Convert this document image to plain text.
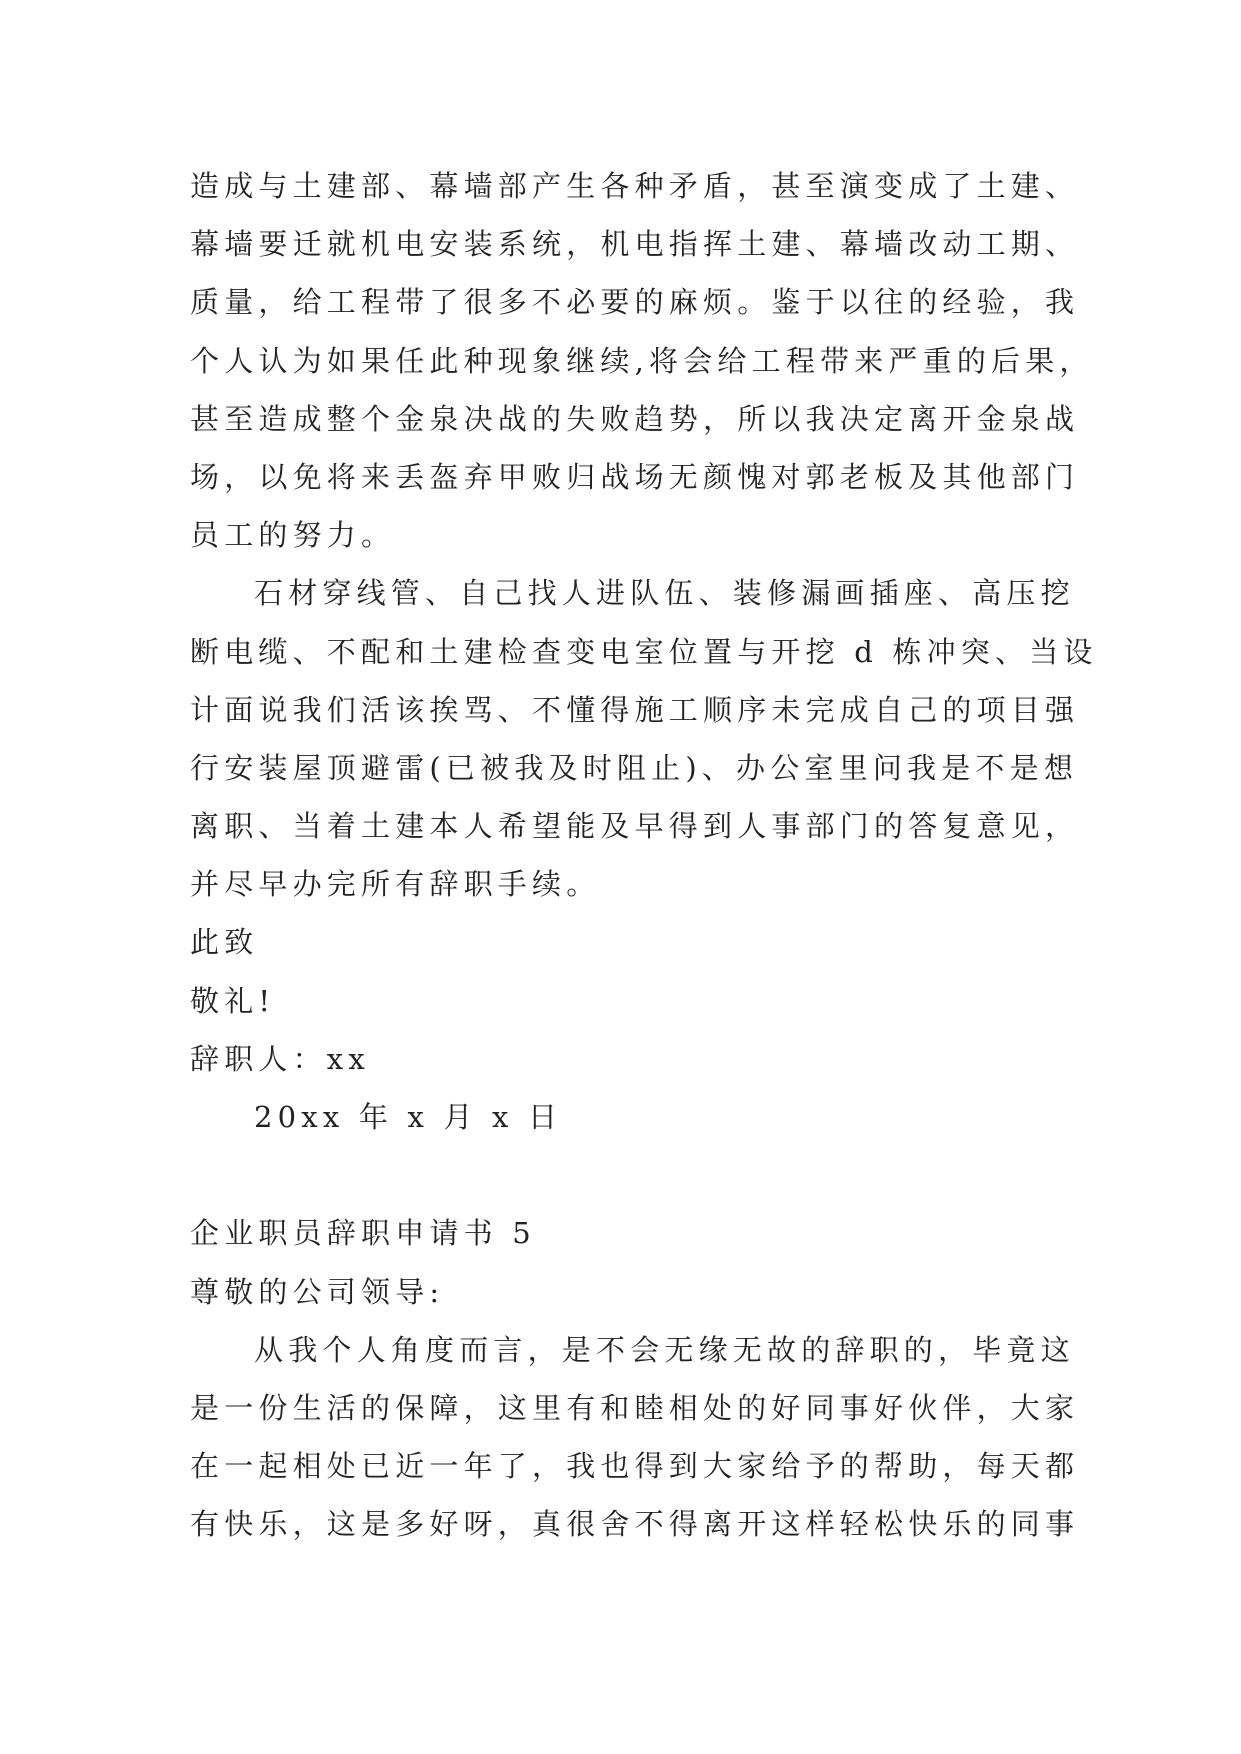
造成与土建部、幕墙部产生各种矛盾，甚至演变成了土建、
幕墙要迁就机电安装系统，机电指挥土建、幕墙改动工期、
质量，给工程带了很多不必要的麻烦。鉴于以往的经验，我
个人认为如果任此种现象继续,将会给工程带来严重的后果，
甚至造成整个金泉决战的失败趋势，所以我决定离开金泉战
场，以免将来丢盔弃甲败归战场无颜愧对郭老板及其他部门
员工的努力。
石材穿线管、自己找人进队伍、装修漏画插座、高压挖
断电缆、不配和土建检查变电室位置与开挖 d 栋冲突、当设
计面说我们活该挨骂、不懂得施工顺序未完成自己的项目强
行安装屋顶避雷(已被我及时阻止)、办公室里问我是不是想
离职、当着土建本人希望能及早得到人事部门的答复意见，
并尽早办完所有辞职手续。
此致
敬礼!
辞职人：xx
20xx 年 x 月 x 日
企业职员辞职申请书 5
尊敬的公司领导:
从我个人角度而言，是不会无缘无故的辞职的，毕竟这
是一份生活的保障，这里有和睦相处的好同事好伙伴，大家
在一起相处已近一年了，我也得到大家给予的帮助，每天都
有快乐，这是多好呀，真很舍不得离开这样轻松快乐的同事
